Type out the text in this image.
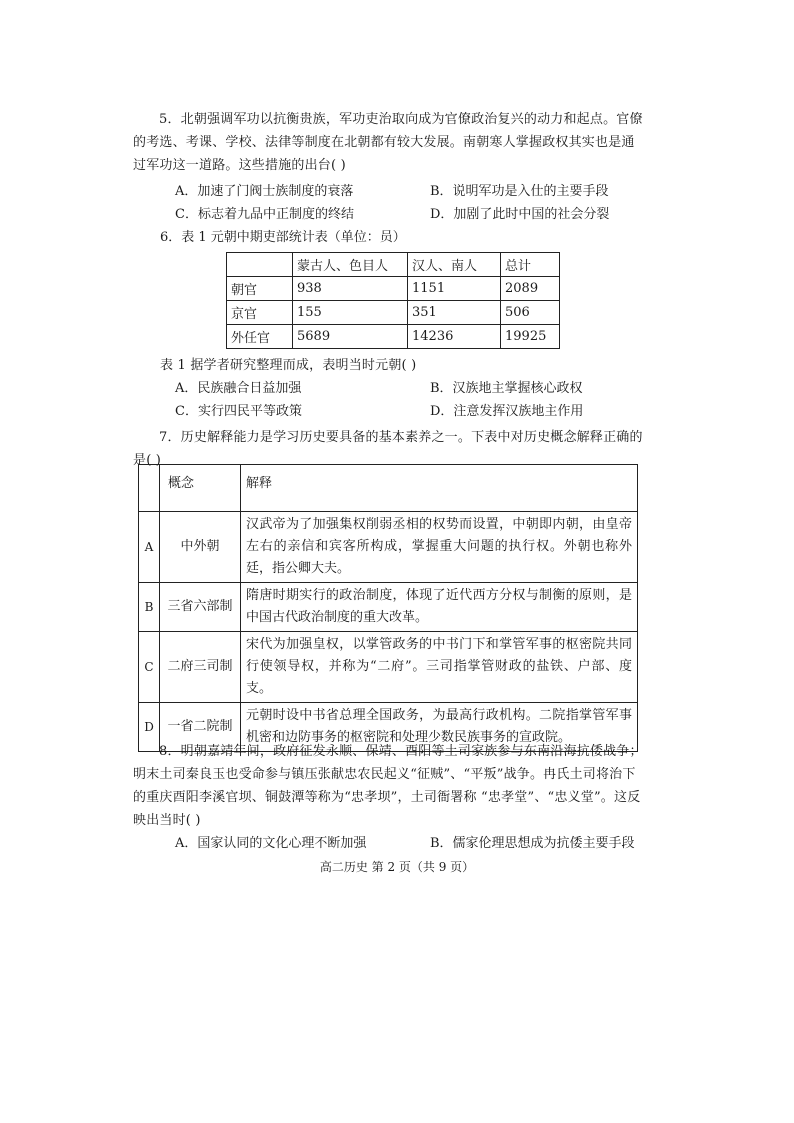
5．北朝强调军功以抗衡贵族，军功吏治取向成为官僚政治复兴的动力和起点。官僚的考选、考课、学校、法律等制度在北朝都有较大发展。南朝寒人掌握政权其实也是通过军功这一道路。这些措施的出台( )
A．加速了门阀士族制度的衰落	B．说明军功是入仕的主要手段
C．标志着九品中正制度的终结	D．加剧了此时中国的社会分裂
6．表 1 元朝中期吏部统计表（单位：员）
	蒙古人、色目人	汉人、南人	总计
朝官	938	1151	2089
京官	155	351	506
外任官	5689	14236	19925
表 1 据学者研究整理而成，表明当时元朝( )
A．民族融合日益加强	B．汉族地主掌握核心政权
C．实行四民平等政策	D．注意发挥汉族地主作用
7．历史解释能力是学习历史要具备的基本素养之一。下表中对历史概念解释正确的是( )
	概念	解释
A	中外朝	汉武帝为了加强集权削弱丞相的权势而设置，中朝即内朝，由皇帝左右的亲信和宾客所构成，掌握重大问题的执行权。外朝也称外廷，指公卿大夫。
B	三省六部制	隋唐时期实行的政治制度，体现了近代西方分权与制衡的原则，是中国古代政治制度的重大改革。
C	二府三司制	宋代为加强皇权，以掌管政务的中书门下和掌管军事的枢密院共同行使领导权，并称为“二府”。三司指掌管财政的盐铁、户部、度支。
D	一省二院制	元朝时设中书省总理全国政务，为最高行政机构。二院指掌管军事机密和边防事务的枢密院和处理少数民族事务的宣政院。
8．明朝嘉靖年间，政府征发永顺、保靖、酉阳等土司家族参与东南沿海抗倭战争；明末土司秦良玉也受命参与镇压张献忠农民起义“征贼”、“平叛”战争。冉氏土司将治下的重庆酉阳李溪官坝、铜鼓潭等称为“忠孝坝”，土司衙署称 “忠孝堂”、“忠义堂”。这反映出当时( )
A．国家认同的文化心理不断加强	B．儒家伦理思想成为抗倭主要手段
高二历史 第 2 页（共 9 页）
